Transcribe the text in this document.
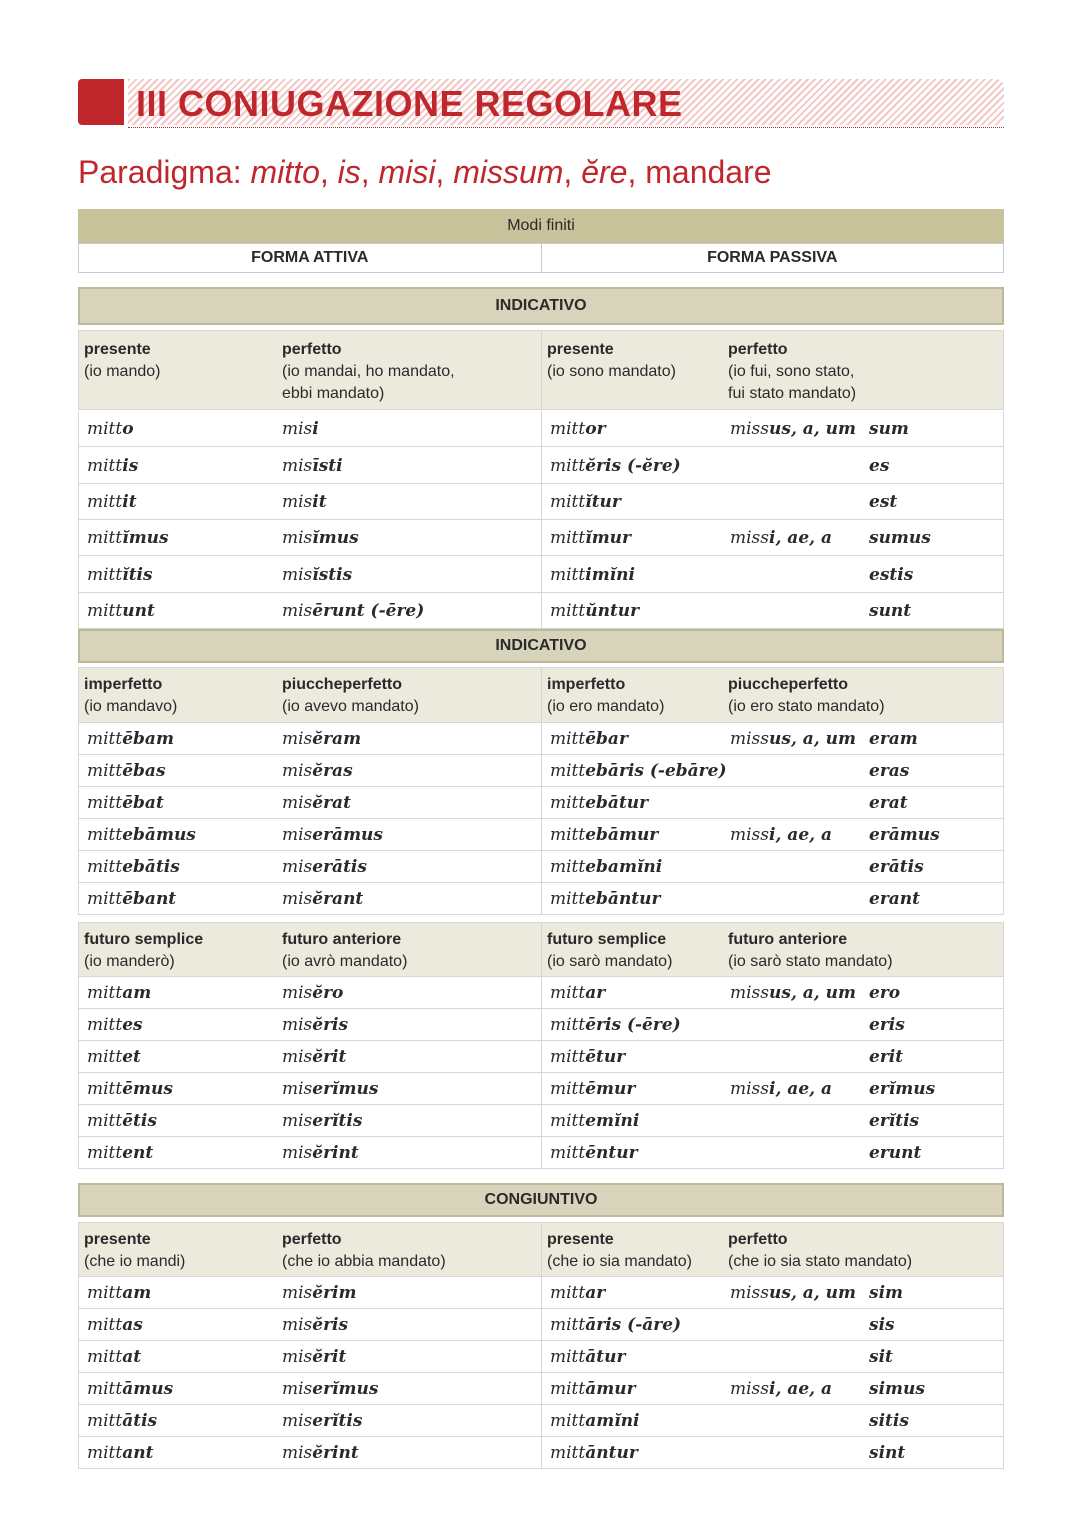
III CONIUGAZIONE REGOLARE
Paradigma: mitto, is, misi, missum, ĕre, mandare
Modi finiti
FORMA ATTIVA	FORMA PASSIVA
INDICATIVO
presente
(io mando)
perfetto
(io mandai, ho mandato,
ebbi mandato)
presente
(io sono mandato)
perfetto
(io fui, sono stato,
fui stato mandato)
mitto	misi	mittor	missus, a, um sum
mittis	misīsti	mittĕris (-ĕre)	es
mittit	misit	mittĭtur	est
mittĭmus	misĭmus	mittĭmur	missi, ae, a sumus
mittĭtis	misĭstis	mittimĭni	estis
mittunt	misērunt (-ēre)	mittŭntur	sunt
INDICATIVO
imperfetto
(io mandavo)
piuccheperfetto
(io avevo mandato)
imperfetto
(io ero mandato)
piuccheperfetto
(io ero stato mandato)
mittēbam	misĕram	mittēbar	missus, a, um eram
mittēbas	misĕras	mittebāris (-ebāre)	eras
mittēbat	misĕrat	mittebātur	erat
mittebāmus	miserāmus	mittebāmur	missi, ae, a erāmus
mittebātis	miserātis	mittebamĭni	erātis
mittēbant	misĕrant	mittebāntur	erant
futuro semplice
(io manderò)
futuro anteriore
(io avrò mandato)
futuro semplice
(io sarò mandato)
futuro anteriore
(io sarò stato mandato)
mittam	misĕro	mittar	missus, a, um ero
mittes	misĕris	mittēris (-ēre)	eris
mittet	misĕrit	mittētur	erit
mittēmus	miserĭmus	mittēmur	missi, ae, a erĭmus
mittētis	miserĭtis	mittemĭni	erĭtis
mittent	misĕrint	mittēntur	erunt
CONGIUNTIVO
presente
(che io mandi)
perfetto
(che io abbia mandato)
presente
(che io sia mandato)
perfetto
(che io sia stato mandato)
mittam	misĕrim	mittar	missus, a, um sim
mittas	misĕris	mittāris (-āre)	sis
mittat	misĕrit	mittātur	sit
mittāmus	miserĭmus	mittāmur	missi, ae, a simus
mittātis	miserĭtis	mittamĭni	sitis
mittant	misĕrint	mittāntur	sint
